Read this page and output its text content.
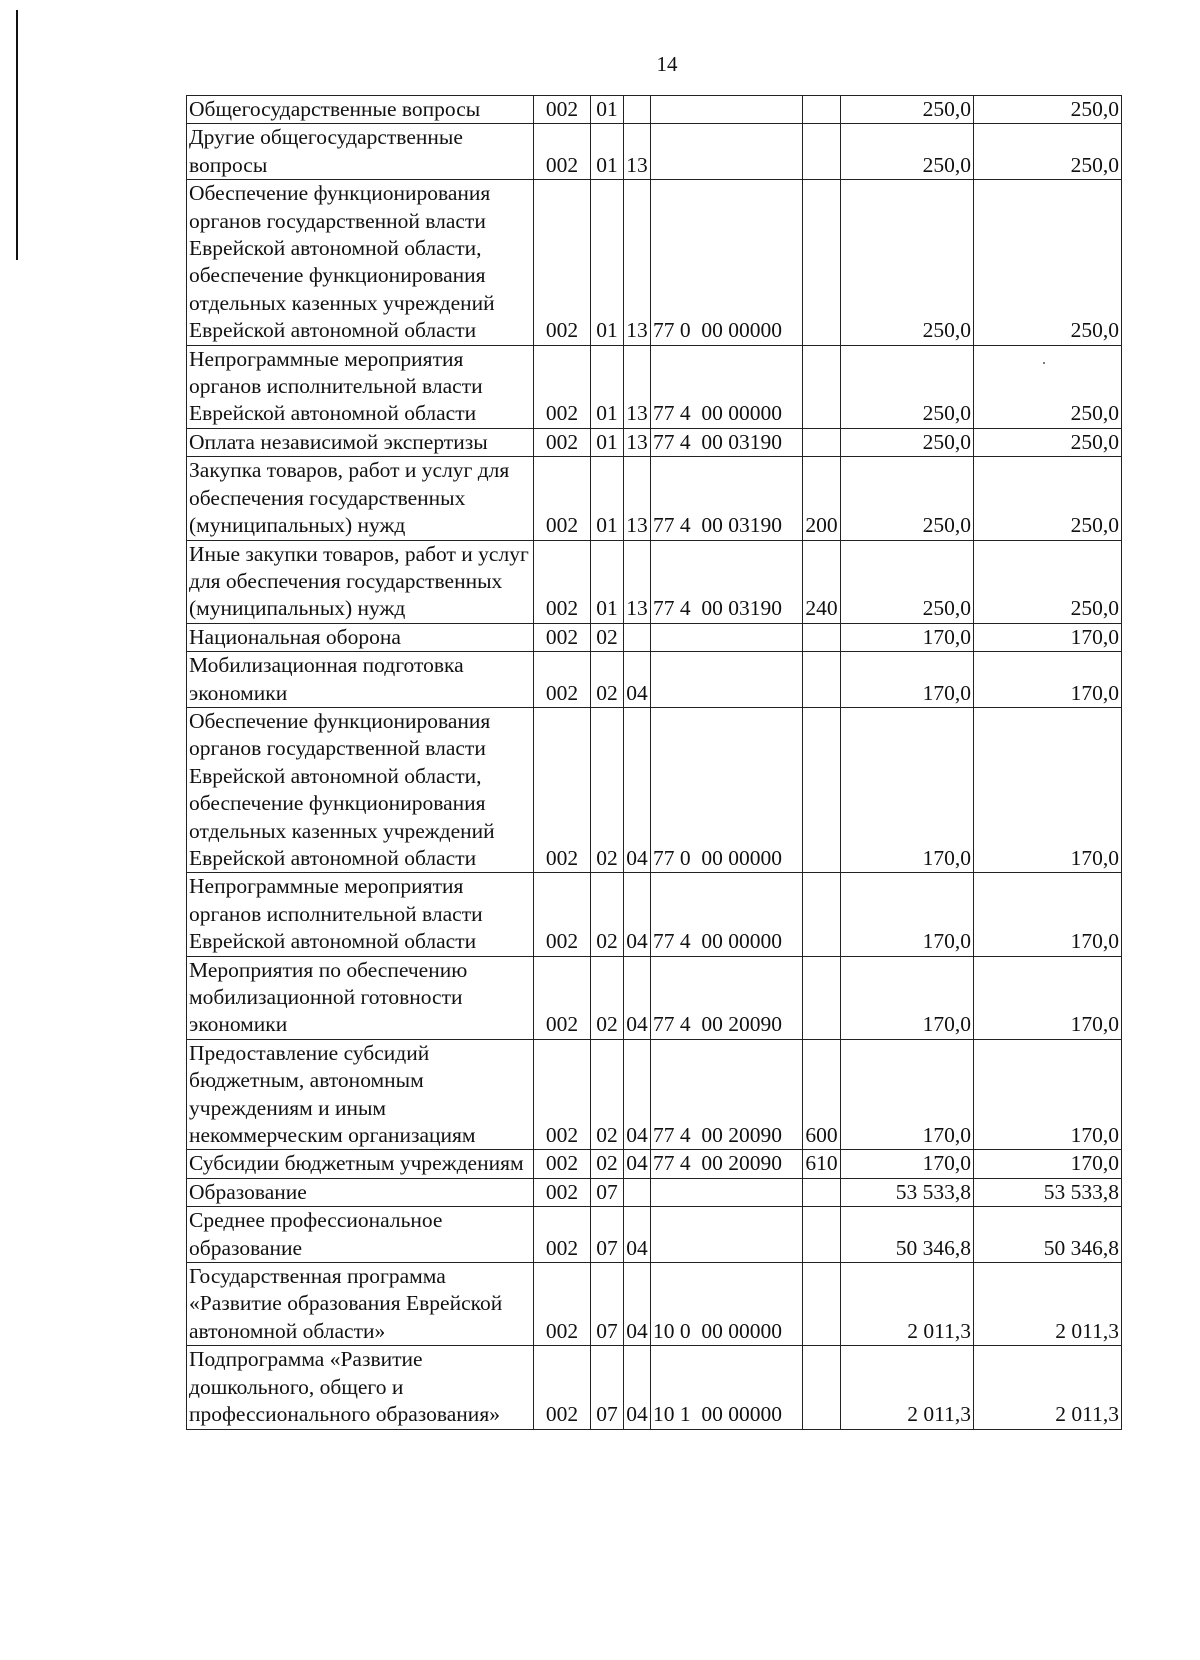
14
Общегосударственные вопросы	002	01				250,0	250,0
Другие общегосударственные вопросы	002	01	13			250,0	250,0
Обеспечение функционирования органов государственной власти Еврейской автономной области, обеспечение функционирования отдельных казенных учреждений Еврейской автономной области	002	01	13	77 0  00 00000		250,0	250,0
Непрограммные мероприятия органов исполнительной власти Еврейской автономной области	002	01	13	77 4  00 00000		250,0	250,0
Оплата независимой экспертизы	002	01	13	77 4  00 03190		250,0	250,0
Закупка товаров, работ и услуг для обеспечения государственных (муниципальных) нужд	002	01	13	77 4  00 03190	200	250,0	250,0
Иные закупки товаров, работ и услуг для обеспечения государственных (муниципальных) нужд	002	01	13	77 4  00 03190	240	250,0	250,0
Национальная оборона	002	02				170,0	170,0
Мобилизационная подготовка экономики	002	02	04			170,0	170,0
Обеспечение функционирования органов государственной власти Еврейской автономной области, обеспечение функционирования отдельных казенных учреждений Еврейской автономной области	002	02	04	77 0  00 00000		170,0	170,0
Непрограммные мероприятия органов исполнительной власти Еврейской автономной области	002	02	04	77 4  00 00000		170,0	170,0
Мероприятия по обеспечению мобилизационной готовности экономики	002	02	04	77 4  00 20090		170,0	170,0
Предоставление субсидий бюджетным, автономным учреждениям и иным некоммерческим организациям	002	02	04	77 4  00 20090	600	170,0	170,0
Субсидии бюджетным учреждениям	002	02	04	77 4  00 20090	610	170,0	170,0
Образование	002	07				53 533,8	53 533,8
Среднее профессиональное образование	002	07	04			50 346,8	50 346,8
Государственная программа «Развитие образования Еврейской автономной области»	002	07	04	10 0  00 00000		2 011,3	2 011,3
Подпрограмма «Развитие дошкольного, общего и профессионального образования»	002	07	04	10 1  00 00000		2 011,3	2 011,3
